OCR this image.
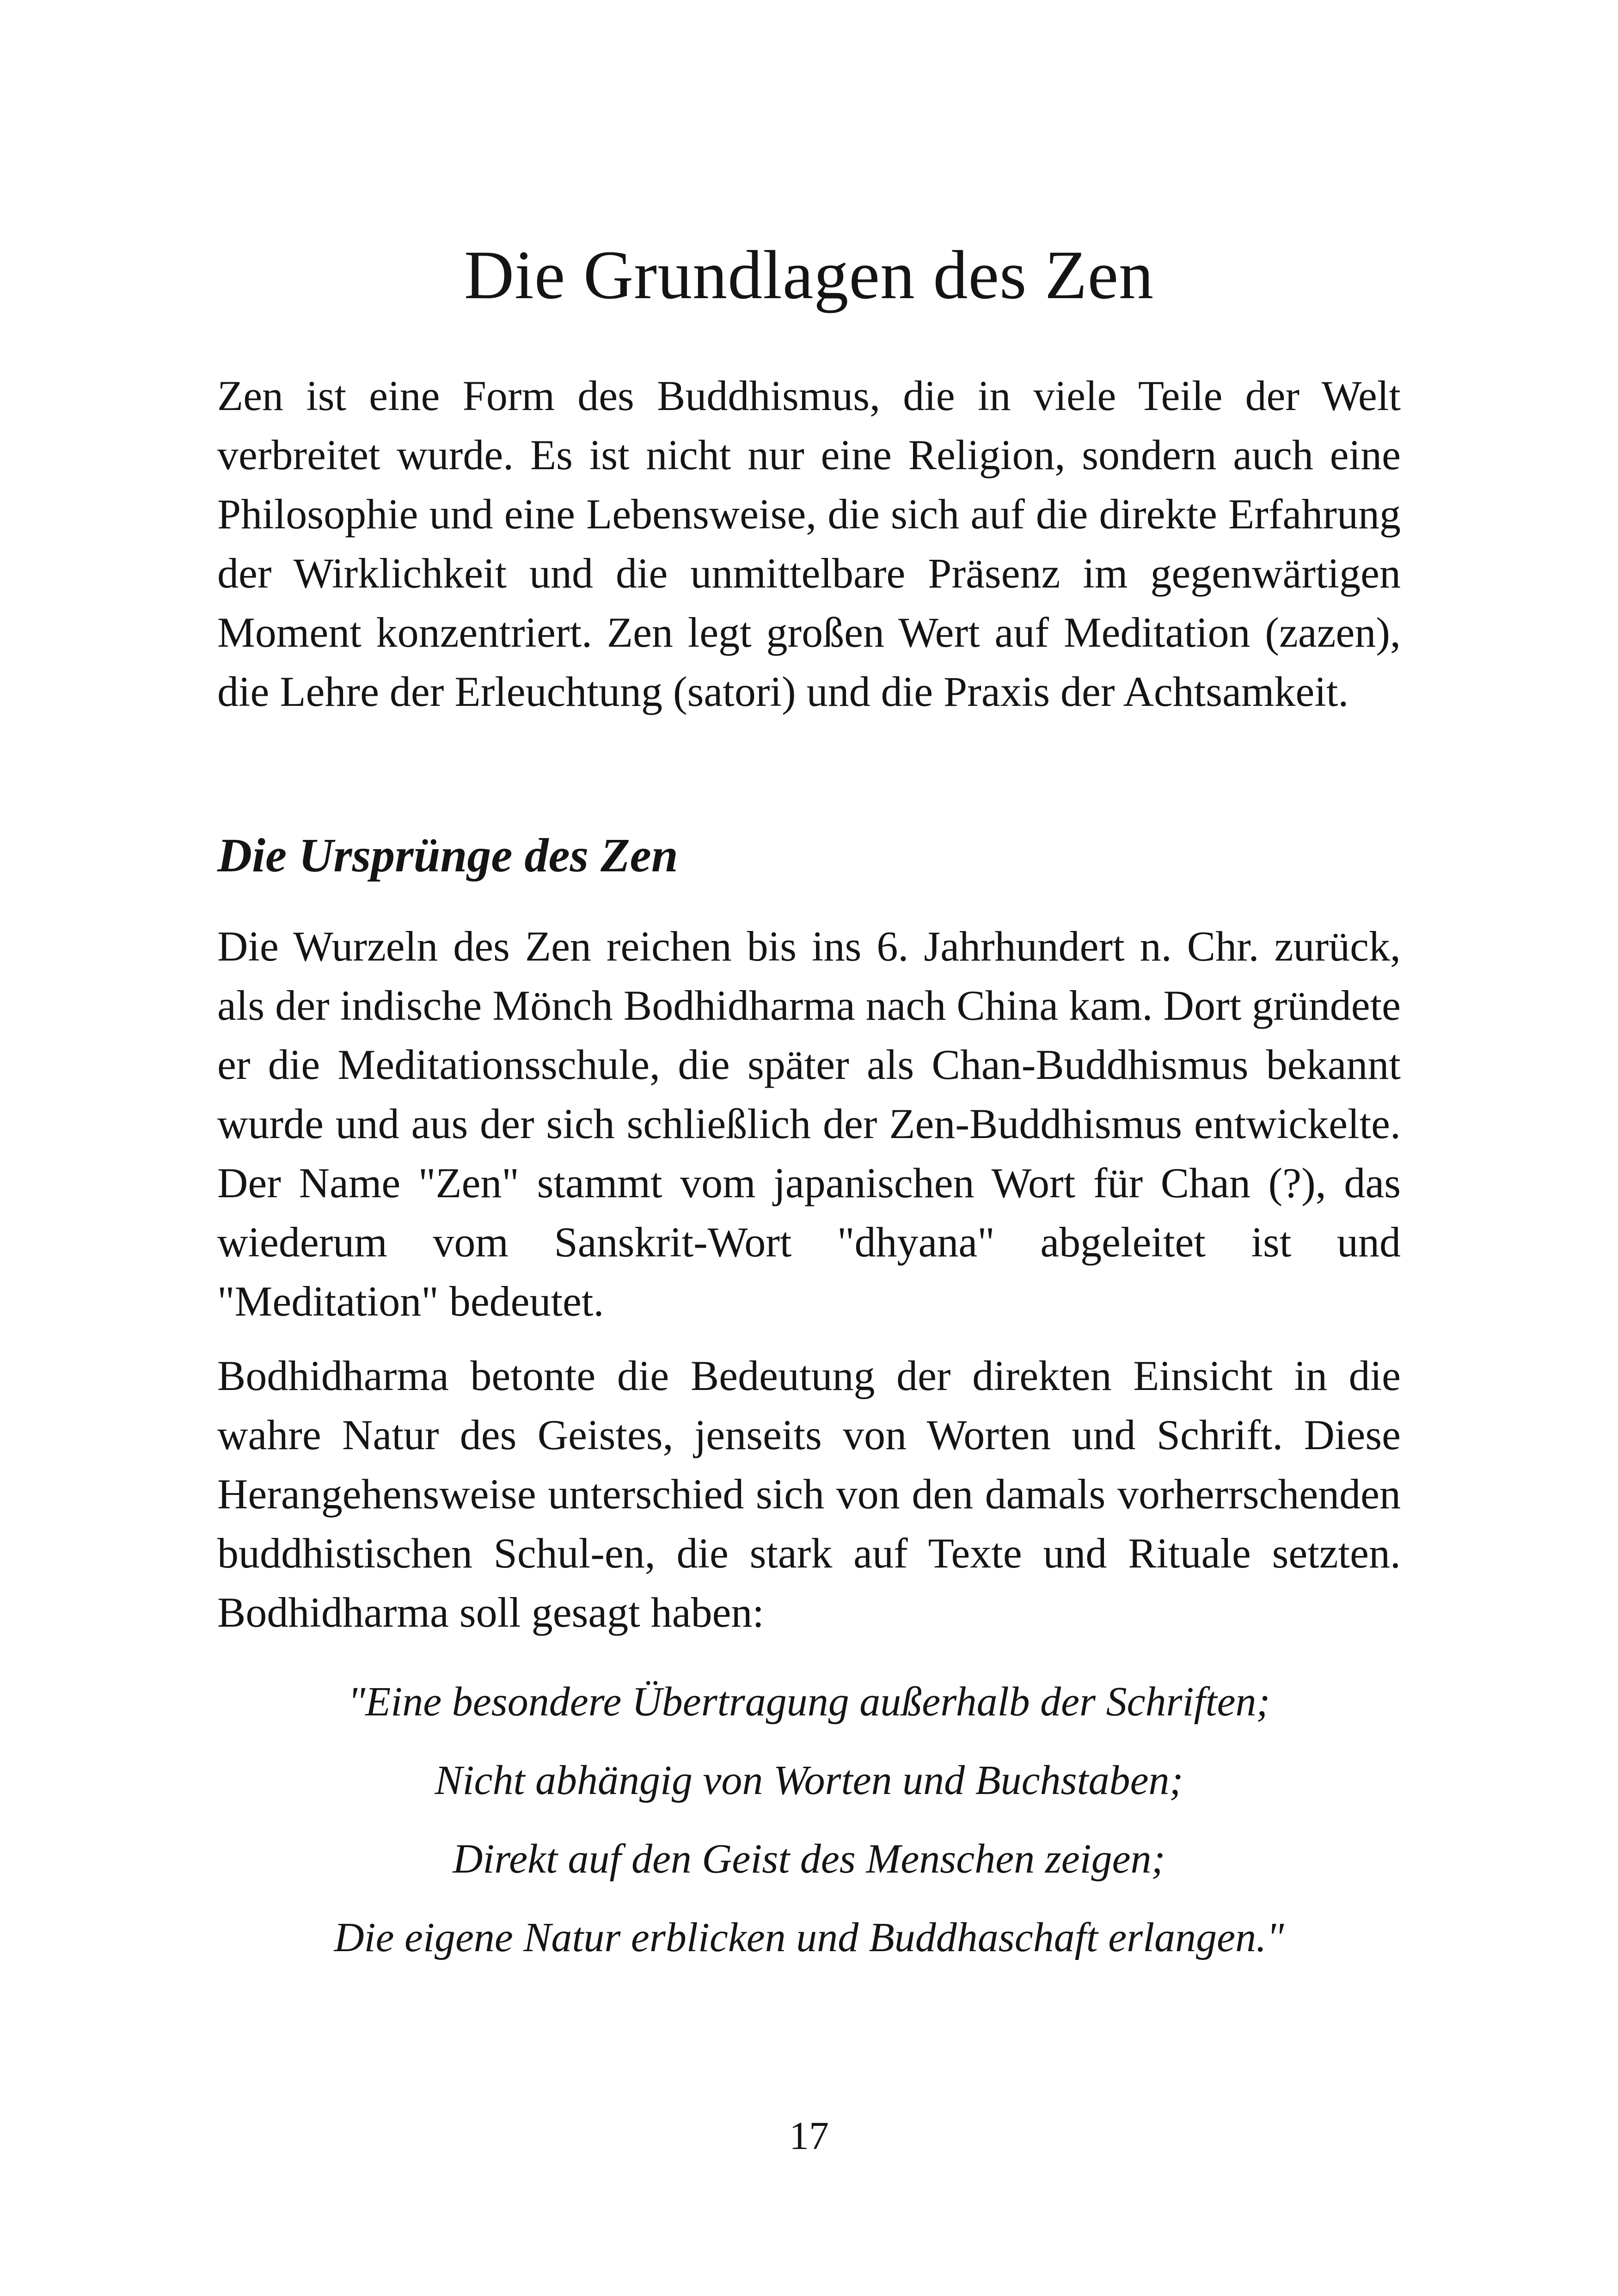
Die Grundlagen des Zen

Zen ist eine Form des Buddhismus, die in viele Teile der Welt verbreitet wurde. Es ist nicht nur eine Religion, sondern auch eine Philosophie und eine Lebensweise, die sich auf die direkte Erfahrung der Wirklichkeit und die unmittelbare Präsenz im gegenwärtigen Moment konzentriert. Zen legt großen Wert auf Meditation (zazen), die Lehre der Erleuchtung (satori) und die Praxis der Achtsamkeit.

Die Ursprünge des Zen

Die Wurzeln des Zen reichen bis ins 6. Jahrhundert n. Chr. zurück, als der indische Mönch Bodhidharma nach China kam. Dort gründete er die Meditationsschule, die später als Chan-Buddhismus bekannt wurde und aus der sich schließlich der Zen-Buddhismus entwickelte. Der Name "Zen" stammt vom japanischen Wort für Chan (?), das wiederum vom Sanskrit-Wort "dhyana" abgeleitet ist und "Meditation" bedeutet.

Bodhidharma betonte die Bedeutung der direkten Einsicht in die wahre Natur des Geistes, jenseits von Worten und Schrift. Diese Herangehensweise unterschied sich von den damals vorherrschenden buddhistischen Schul-en, die stark auf Texte und Rituale setzten. Bodhidharma soll gesagt haben:

"Eine besondere Übertragung außerhalb der Schriften;
Nicht abhängig von Worten und Buchstaben;
Direkt auf den Geist des Menschen zeigen;
Die eigene Natur erblicken und Buddhaschaft erlangen."
17
